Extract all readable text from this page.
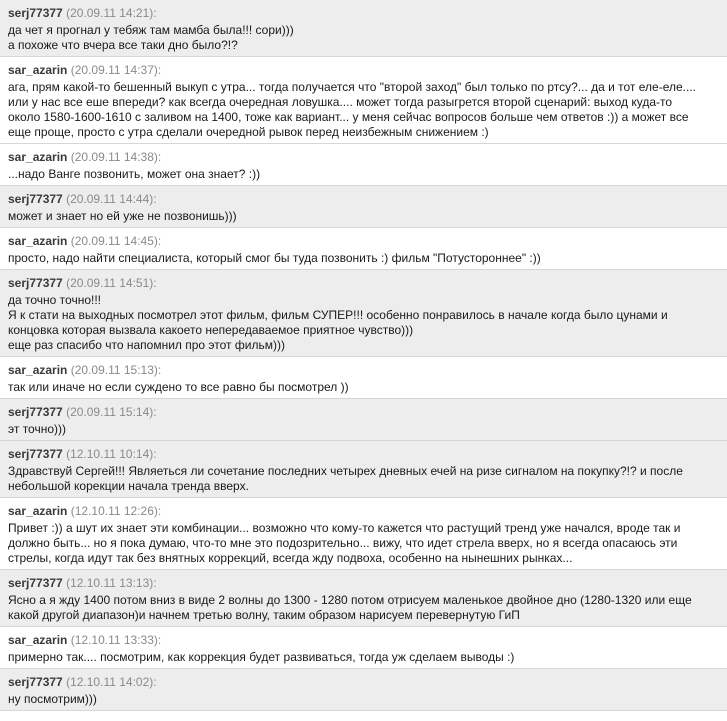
serj77377 (20.09.11 14:21):
да чет я прогнал у тебяж там мамба была!!! сори)))
а похоже что вчера все таки дно было?!?
sar_azarin (20.09.11 14:37):
ага, прям какой-то бешенный выкуп с утра... тогда получается что "второй заход" был только по ртсу?... да и тот еле-еле....
или у нас все еше впереди? как всегда очередная ловушка.... может тогда разыгрется второй сценарий: выход куда-то
около 1580-1600-1610 с заливом на 1400, тоже как вариант... у меня сейчас вопросов больше чем ответов :)) а может все
еще проще, просто с утра сделали очередной рывок перед неизбежным снижением :)
sar_azarin (20.09.11 14:38):
...надо Ванге позвонить, может она знает? :))
serj77377 (20.09.11 14:44):
может и знает но ей уже не позвонишь)))
sar_azarin (20.09.11 14:45):
просто, надо найти специалиста, который смог бы туда позвонить :) фильм "Потустороннее" :))
serj77377 (20.09.11 14:51):
да точно точно!!!
Я к стати на выходных посмотрел этот фильм, фильм СУПЕР!!! особенно понравилось в начале когда было цунами и
концовка которая вызвала какоето непередаваемое приятное чувство)))
еще раз спасибо что напомнил про этот фильм)))
sar_azarin (20.09.11 15:13):
так или иначе но если суждено то все равно бы посмотрел ))
serj77377 (20.09.11 15:14):
эт точно)))
serj77377 (12.10.11 10:14):
Здравствуй Сергей!!! Являеться ли сочетание последних четырех дневных ечей на ризе сигналом на покупку?!? и после
небольшой корекции начала тренда вверх.
sar_azarin (12.10.11 12:26):
Привет :)) а шут их знает эти комбинации... возможно что кому-то кажется что растущий тренд уже начался, вроде так и
должно быть... но я пока думаю, что-то мне это подозрительно... вижу, что идет стрела вверх, но я всегда опасаюсь эти
стрелы, когда идут так без внятных коррекций, всегда жду подвоха, особенно на нынешних рынках...
serj77377 (12.10.11 13:13):
Ясно а я жду 1400 потом вниз в виде 2 волны до 1300 - 1280 потом отрисуем маленькое двойное дно (1280-1320 или еще
какой другой диапазон)и начнем третью волну, таким образом нарисуем перевернутую ГиП
sar_azarin (12.10.11 13:33):
примерно так.... посмотрим, как коррекция будет развиваться, тогда уж сделаем выводы :)
serj77377 (12.10.11 14:02):
ну посмотрим)))
